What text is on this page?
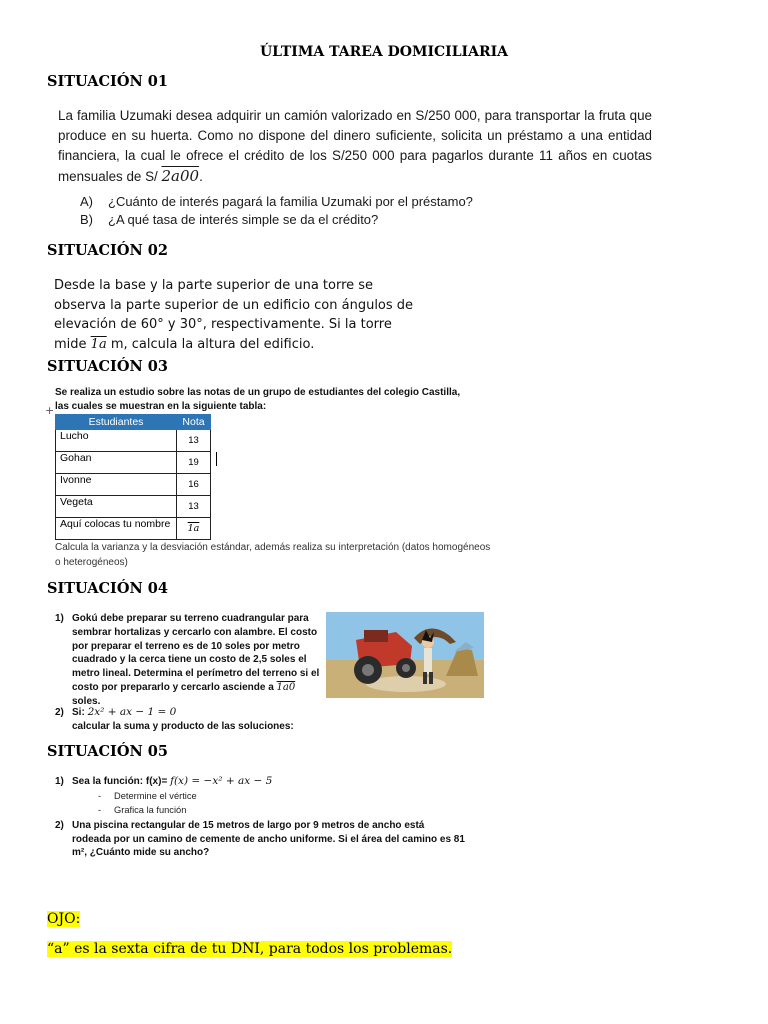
ÚLTIMA TAREA DOMICILIARIA
SITUACIÓN 01

La familia Uzumaki desea adquirir un camión valorizado en S/250 000, para transportar la fruta que produce en su huerta. Como no dispone del dinero suficiente, solicita un préstamo a una entidad financiera, la cual le ofrece el crédito de los S/250 000 para pagarlos durante 11 años en cuotas mensuales de S/ 2a00.

A) ¿Cuánto de interés pagará la familia Uzumaki por el préstamo?
B) ¿A qué tasa de interés simple se da el crédito?
SITUACIÓN 02
Desde la base y la parte superior de una torre se observa la parte superior de un edificio con ángulos de elevación de 60° y 30°, respectivamente. Si la torre mide 1a m, calcula la altura del edificio.
SITUACIÓN 03
Se realiza un estudio sobre las notas de un grupo de estudiantes del colegio Castilla, las cuales se muestran en la siguiente tabla:
+
Estudiantes	Nota
Lucho	13
Gohan	19
Ivonne	16
Vegeta	13
Aquí colocas tu nombre	1a
Calcula la varianza y la desviación estándar, además realiza su interpretación (datos homogéneos o heterogéneos)
SITUACIÓN 04
1) Gokú debe preparar su terreno cuadrangular para sembrar hortalizas y cercarlo con alambre. El costo por preparar el terreno es de 10 soles por metro cuadrado y la cerca tiene un costo de 2,5 soles el metro lineal. Determina el perímetro del terreno si el costo por prepararlo y cercarlo asciende a 1a0 soles.
2) Si: 2x² + ax − 1 = 0
calcular la suma y producto de las soluciones:
SITUACIÓN 05
1) Sea la función: f(x)= f(x) = −x² + ax − 5
-     Determine el vértice
-     Grafica la función
2) Una piscina rectangular de 15 metros de largo por 9 metros de ancho está rodeada por un camino de cemente de ancho uniforme. Si el área del camino es 81 m², ¿Cuánto mide su ancho?
OJO:
“a” es la sexta cifra de tu DNI, para todos los problemas.
